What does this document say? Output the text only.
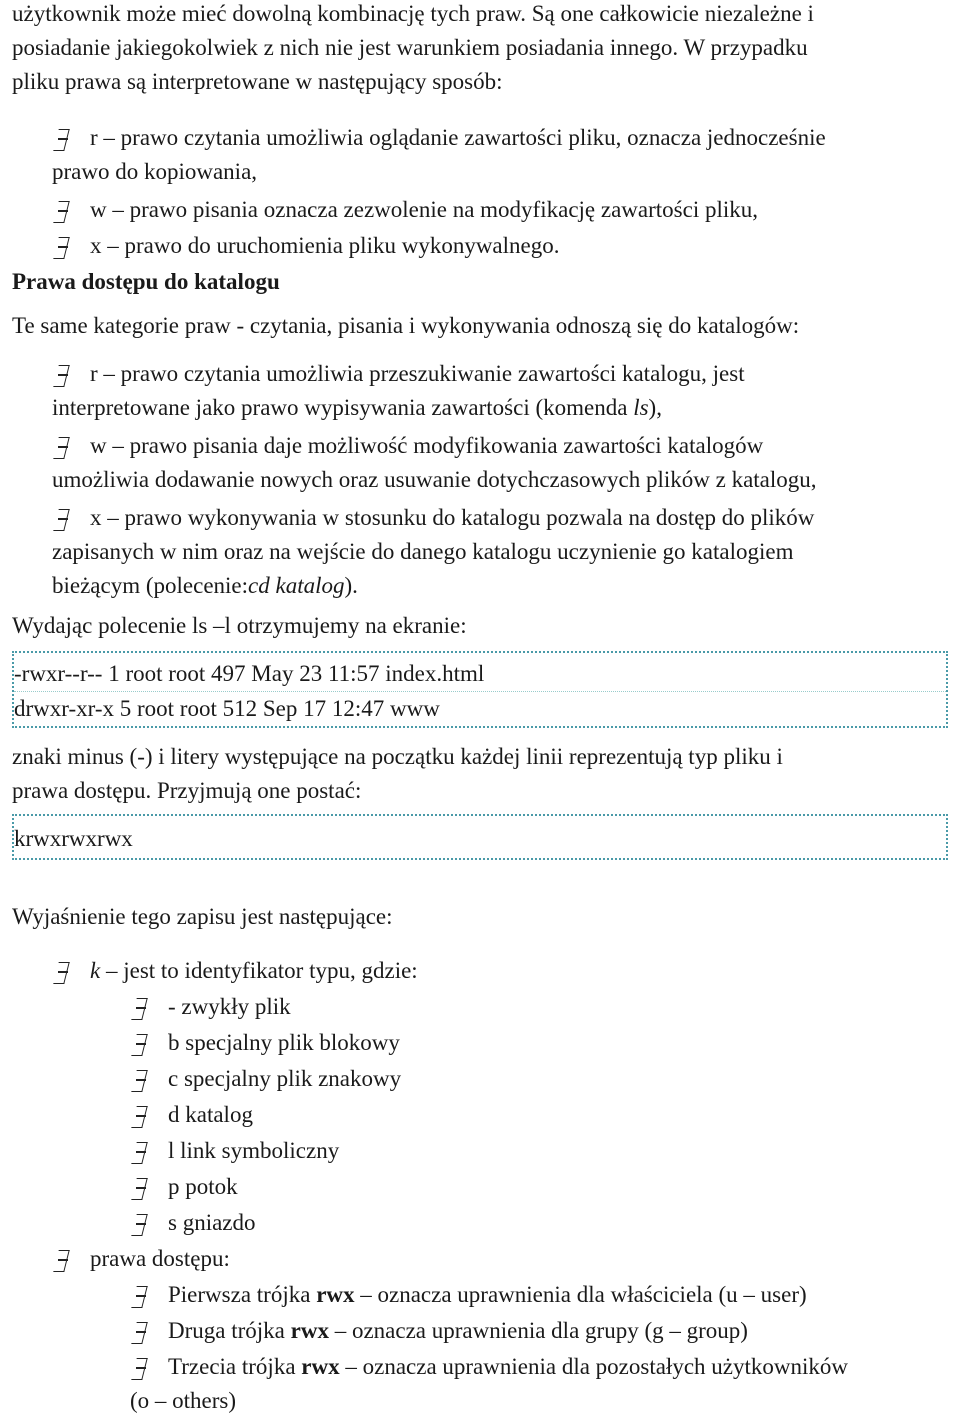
użytkownik może mieć dowolną kombinację tych praw. Są one całkowicie niezależne i
posiadanie jakiegokolwiek z nich nie jest warunkiem posiadania innego. W przypadku
pliku prawa są interpretowane w następujący sposób:

r – prawo czytania umożliwia oglądanie zawartości pliku, oznacza jednocześnie
prawo do kopiowania,
w – prawo pisania oznacza zezwolenie na modyfikację zawartości pliku,
x – prawo do uruchomienia pliku wykonywalnego.

Prawa dostępu do katalogu

Te same kategorie praw - czytania, pisania i wykonywania odnoszą się do katalogów:

r – prawo czytania umożliwia przeszukiwanie zawartości katalogu, jest
interpretowane jako prawo wypisywania zawartości (komenda ls),
w – prawo pisania daje możliwość modyfikowania zawartości katalogów
umożliwia dodawanie nowych oraz usuwanie dotychczasowych plików z katalogu,
x – prawo wykonywania w stosunku do katalogu pozwala na dostęp do plików
zapisanych w nim oraz na wejście do danego katalogu uczynienie go katalogiem
bieżącym (polecenie:cd katalog).

Wydając polecenie ls –l otrzymujemy na ekranie:

-rwxr--r-- 1 root root 497 May 23 11:57 index.html

drwxr-xr-x 5 root root 512 Sep 17 12:47 www

znaki minus (-) i litery występujące na początku każdej linii reprezentują typ pliku i
prawa dostępu. Przyjmują one postać:

krwxrwxrwx

Wyjaśnienie tego zapisu jest następujące:

k – jest to identyfikator typu, gdzie:
- zwykły plik
b specjalny plik blokowy
c specjalny plik znakowy
d katalog
l link symboliczny
p potok
s gniazdo
prawa dostępu:
Pierwsza trójka rwx – oznacza uprawnienia dla właściciela (u – user)
Druga trójka rwx – oznacza uprawnienia dla grupy (g – group)
Trzecia trójka rwx – oznacza uprawnienia dla pozostałych użytkowników
(o – others)
